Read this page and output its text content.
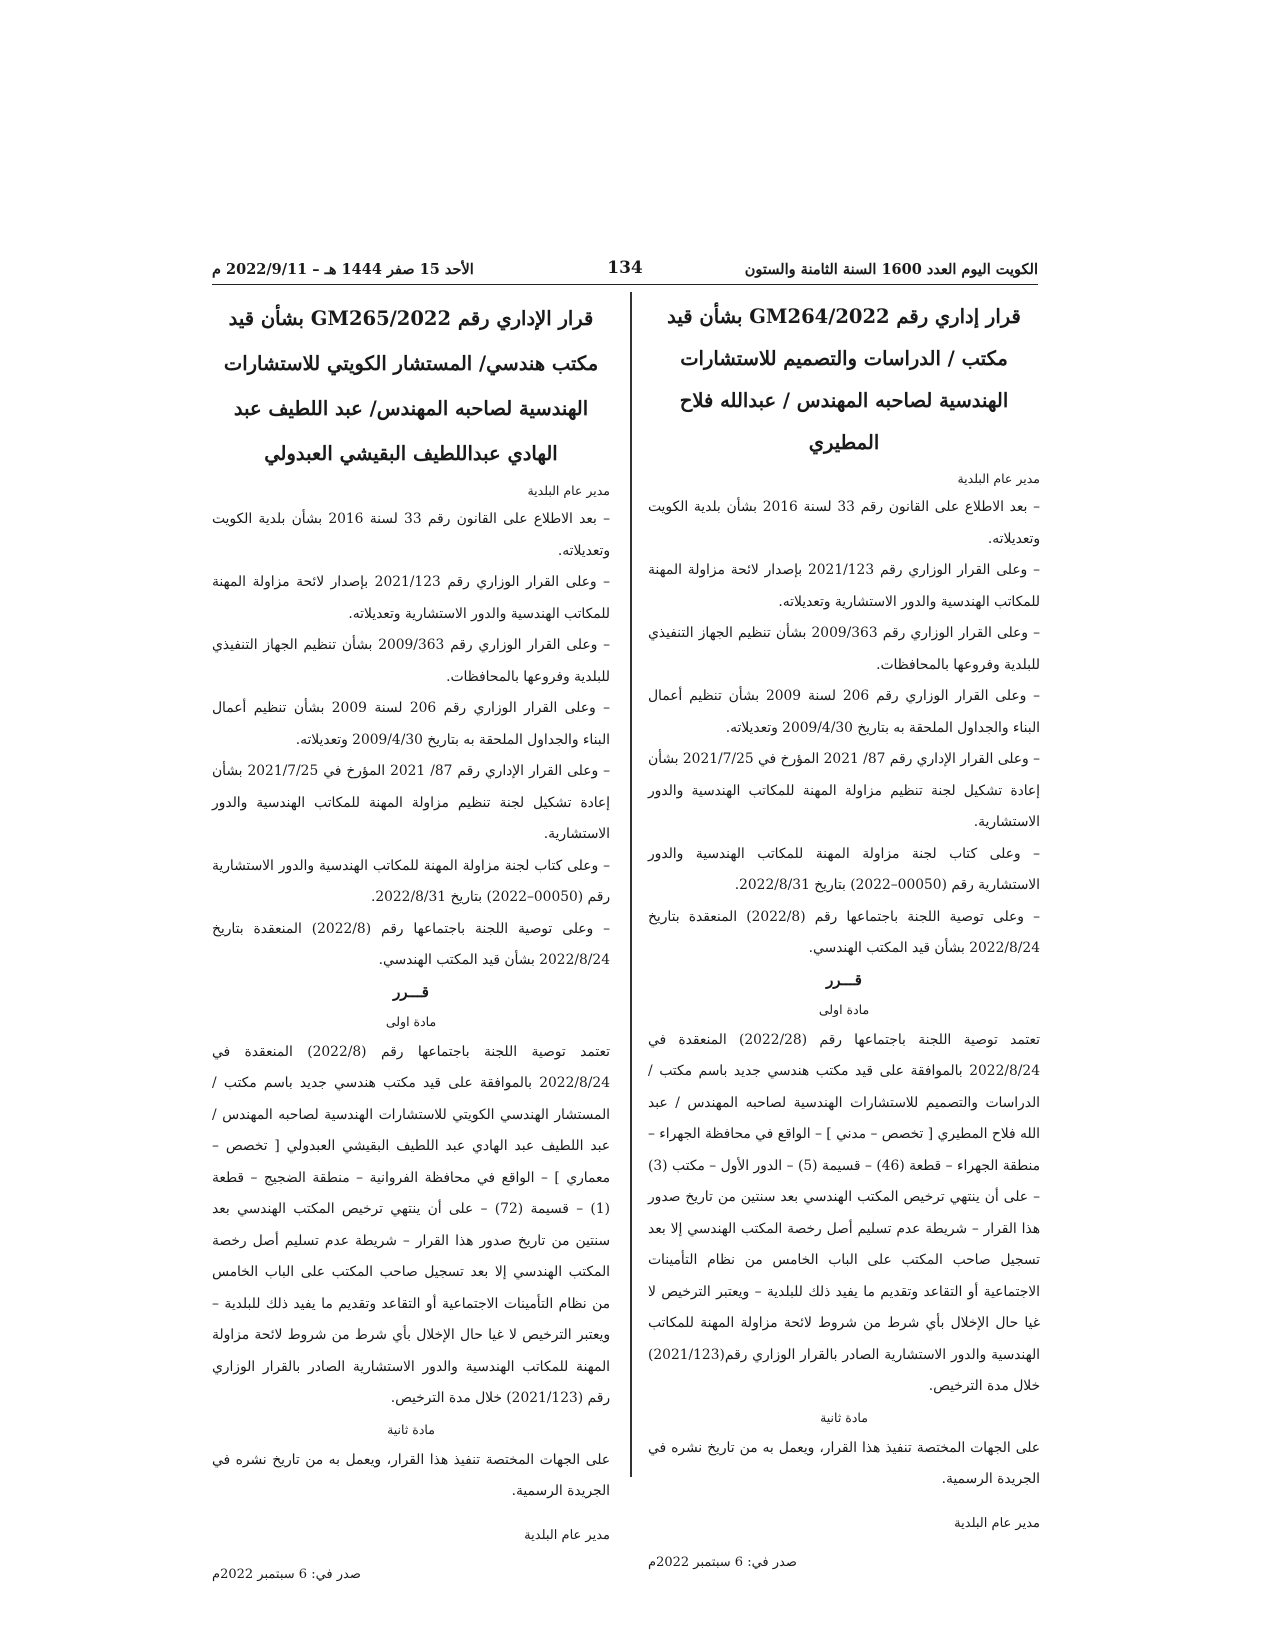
الكويت اليوم العدد 1600 السنة الثامنة والستون
134
الأحد 15 صفر 1444 هـ – 2022/9/11 م
قرار إداري رقم 2022/GM264 بشأن قيد مكتب / الدراسات والتصميم للاستشارات الهندسية لصاحبه المهندس / عبدالله فلاح المطيري
مدير عام البلدية

– بعد الاطلاع على القانون رقم 33 لسنة 2016 بشأن بلدية الكويت وتعديلاته.

– وعلى القرار الوزاري رقم 2021/123 بإصدار لائحة مزاولة المهنة للمكاتب الهندسية والدور الاستشارية وتعديلاته.

– وعلى القرار الوزاري رقم 2009/363 بشأن تنظيم الجهاز التنفيذي للبلدية وفروعها بالمحافظات.

– وعلى القرار الوزاري رقم 206 لسنة 2009 بشأن تنظيم أعمال البناء والجداول الملحقة به بتاريخ 2009/4/30 وتعديلاته.

– وعلى القرار الإداري رقم 87/ 2021 المؤرخ في 2021/7/25 بشأن إعادة تشكيل لجنة تنظيم مزاولة المهنة للمكاتب الهندسية والدور الاستشارية.

– وعلى كتاب لجنة مزاولة المهنة للمكاتب الهندسية والدور الاستشارية رقم (00050–2022) بتاريخ 2022/8/31.

– وعلى توصية اللجنة باجتماعها رقم (2022/8) المنعقدة بتاريخ 2022/8/24 بشأن قيد المكتب الهندسي.

قـــرر
مادة اولى

تعتمد توصية اللجنة باجتماعها رقم (2022/28) المنعقدة في 2022/8/24 بالموافقة على قيد مكتب هندسي جديد باسم مكتب / الدراسات والتصميم للاستشارات الهندسية لصاحبه المهندس / عبد الله فلاح المطيري [ تخصص – مدني ] – الواقع في محافظة الجهراء – منطقة الجهراء – قطعة (46) – قسيمة (5) – الدور الأول – مكتب (3) – على أن ينتهي ترخيص المكتب الهندسي بعد سنتين من تاريخ صدور هذا القرار – شريطة عدم تسليم أصل رخصة المكتب الهندسي إلا بعد تسجيل صاحب المكتب على الباب الخامس من نظام التأمينات الاجتماعية أو التقاعد وتقديم ما يفيد ذلك للبلدية – ويعتبر الترخيص لا غيا حال الإخلال بأي شرط من شروط لائحة مزاولة المهنة للمكاتب الهندسية والدور الاستشارية الصادر بالقرار الوزاري رقم(2021/123) خلال مدة الترخيص.

مادة ثانية

على الجهات المختصة تنفيذ هذا القرار، ويعمل به من تاريخ نشره في الجريدة الرسمية.

مدير عام البلدية
صدر في: 6 سبتمبر 2022م
قرار الإداري رقم 2022/GM265 بشأن قيد مكتب هندسي/ المستشار الكويتي للاستشارات الهندسية لصاحبه المهندس/ عبد اللطيف عبد الهادي عبداللطيف البقيشي العبدولي
مدير عام البلدية

– بعد الاطلاع على القانون رقم 33 لسنة 2016 بشأن بلدية الكويت وتعديلاته.

– وعلى القرار الوزاري رقم 2021/123 بإصدار لائحة مزاولة المهنة للمكاتب الهندسية والدور الاستشارية وتعديلاته.

– وعلى القرار الوزاري رقم 2009/363 بشأن تنظيم الجهاز التنفيذي للبلدية وفروعها بالمحافظات.

– وعلى القرار الوزاري رقم 206 لسنة 2009 بشأن تنظيم أعمال البناء والجداول الملحقة به بتاريخ 2009/4/30 وتعديلاته.

– وعلى القرار الإداري رقم 87/ 2021 المؤرخ في 2021/7/25 بشأن إعادة تشكيل لجنة تنظيم مزاولة المهنة للمكاتب الهندسية والدور الاستشارية.

– وعلى كتاب لجنة مزاولة المهنة للمكاتب الهندسية والدور الاستشارية رقم (00050–2022) بتاريخ 2022/8/31.

– وعلى توصية اللجنة باجتماعها رقم (2022/8) المنعقدة بتاريخ 2022/8/24 بشأن قيد المكتب الهندسي.

قـــرر
مادة اولى

تعتمد توصية اللجنة باجتماعها رقم (2022/8) المنعقدة في 2022/8/24 بالموافقة على قيد مكتب هندسي جديد باسم مكتب / المستشار الهندسي الكويتي للاستشارات الهندسية لصاحبه المهندس / عبد اللطيف عبد الهادي عبد اللطيف البقيشي العبدولي [ تخصص – معماري ] – الواقع في محافظة الفروانية – منطقة الضجيج – قطعة (1) – قسيمة (72) – على أن ينتهي ترخيص المكتب الهندسي بعد سنتين من تاريخ صدور هذا القرار – شريطة عدم تسليم أصل رخصة المكتب الهندسي إلا بعد تسجيل صاحب المكتب على الباب الخامس من نظام التأمينات الاجتماعية أو التقاعد وتقديم ما يفيد ذلك للبلدية – ويعتبر الترخيص لا غيا حال الإخلال بأي شرط من شروط لائحة مزاولة المهنة للمكاتب الهندسية والدور الاستشارية الصادر بالقرار الوزاري رقم (2021/123) خلال مدة الترخيص.

مادة ثانية

على الجهات المختصة تنفيذ هذا القرار، ويعمل به من تاريخ نشره في الجريدة الرسمية.

مدير عام البلدية
صدر في: 6 سبتمبر 2022م
